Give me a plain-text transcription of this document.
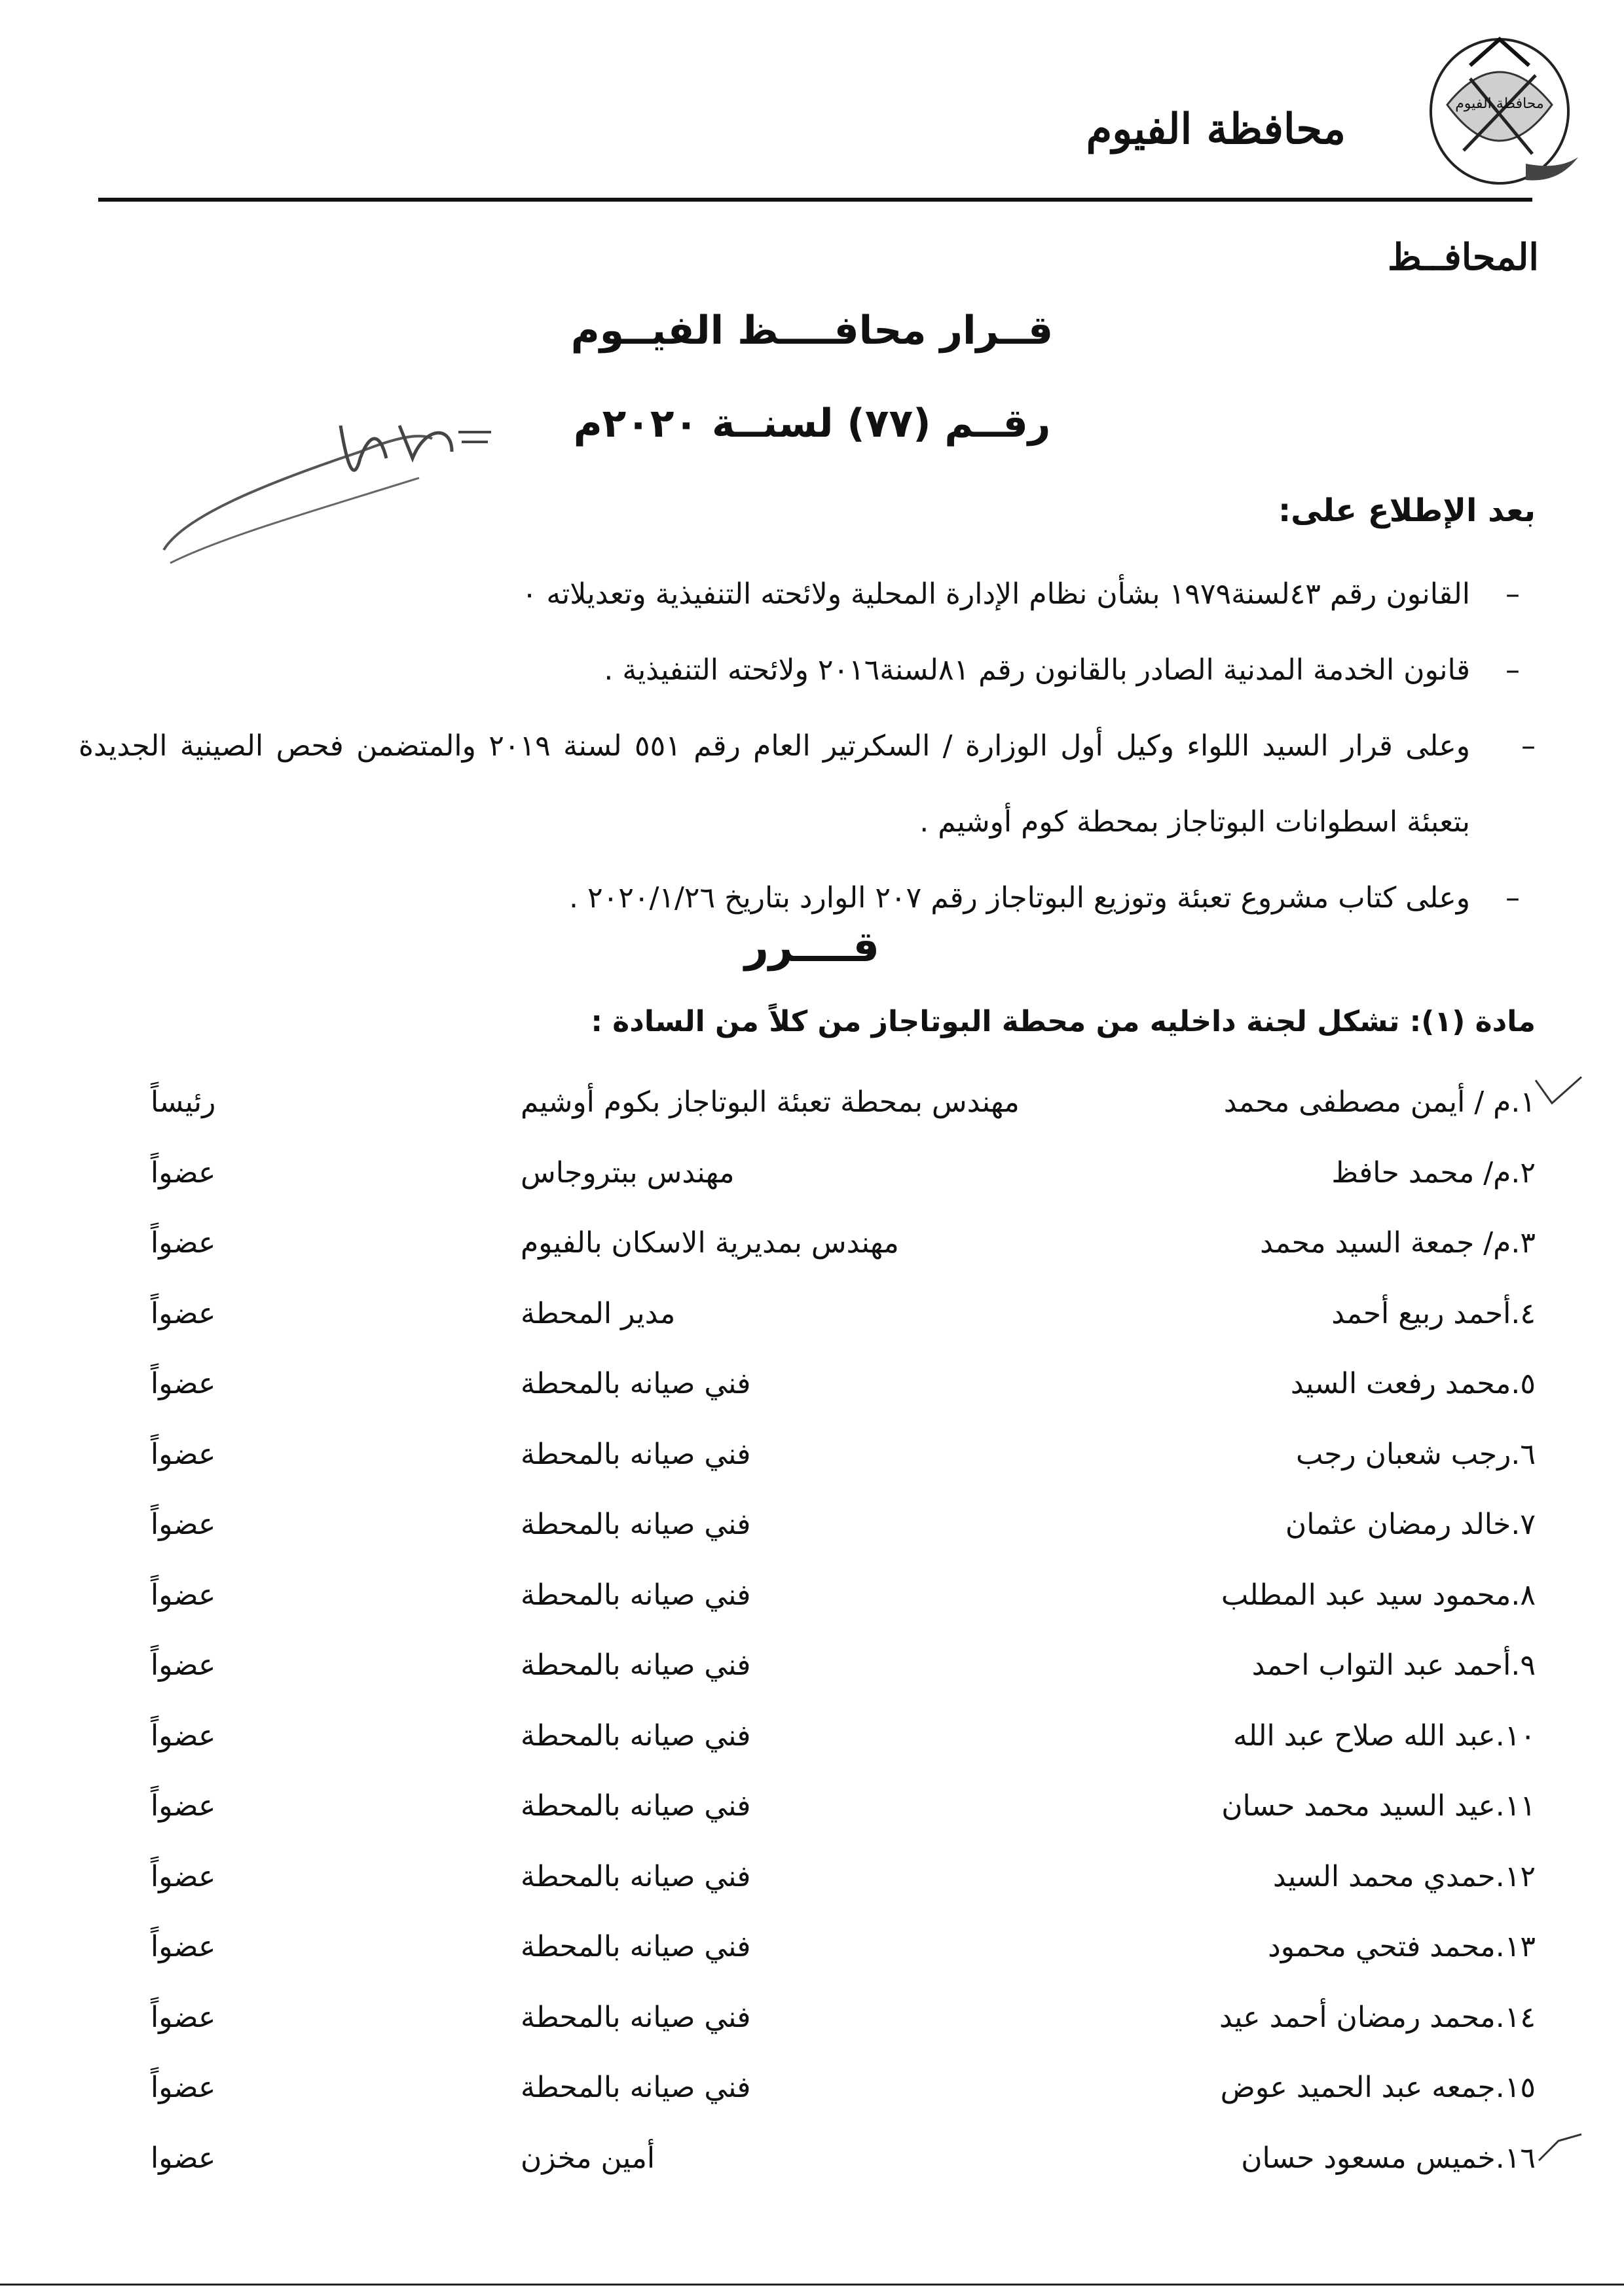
محافظة الفيوم
محافظة الفيوم
المحافــظ
قــرار محافــــظ الفيــوم
رقــم (٧٧) لسنــة ٢٠٢٠م
بعد الإطلاع على:
–
القانون رقم ٤٣لسنة١٩٧٩ بشأن نظام الإدارة المحلية ولائحته التنفيذية وتعديلاته ٠
–
قانون الخدمة المدنية الصادر بالقانون رقم ٨١لسنة٢٠١٦ ولائحته التنفيذية .
–
وعلى قرار السيد اللواء وكيل أول الوزارة / السكرتير العام رقم ٥٥١ لسنة ٢٠١٩ والمتضمن فحص الصينية الجديدة بتعبئة اسطوانات البوتاجاز بمحطة كوم أوشيم .
–
وعلى كتاب مشروع تعبئة وتوزيع البوتاجاز رقم ٢٠٧ الوارد بتاريخ ٢٠٢٠/١/٢٦ .
قــــرر
مادة (١): تشكل لجنة داخليه من محطة البوتاجاز من كلاً من السادة :
١.م / أيمن مصطفى محمد
مهندس بمحطة تعبئة البوتاجاز بكوم أوشيم
رئيساً
٢.م/ محمد حافظ
مهندس ببتروجاس
عضواً
٣.م/ جمعة السيد محمد
مهندس بمديرية الاسكان بالفيوم
عضواً
٤.أحمد ربيع أحمد
مدير المحطة
عضواً
٥.محمد رفعت السيد
فني صيانه بالمحطة
عضواً
٦.رجب شعبان رجب
فني صيانه بالمحطة
عضواً
٧.خالد رمضان عثمان
فني صيانه بالمحطة
عضواً
٨.محمود سيد عبد المطلب
فني صيانه بالمحطة
عضواً
٩.أحمد عبد التواب احمد
فني صيانه بالمحطة
عضواً
١٠.عبد الله صلاح عبد الله
فني صيانه بالمحطة
عضواً
١١.عيد السيد محمد حسان
فني صيانه بالمحطة
عضواً
١٢.حمدي محمد السيد
فني صيانه بالمحطة
عضواً
١٣.محمد فتحي محمود
فني صيانه بالمحطة
عضواً
١٤.محمد رمضان أحمد عيد
فني صيانه بالمحطة
عضواً
١٥.جمعه عبد الحميد عوض
فني صيانه بالمحطة
عضواً
١٦.خميس مسعود حسان
أمين مخزن
عضوا
